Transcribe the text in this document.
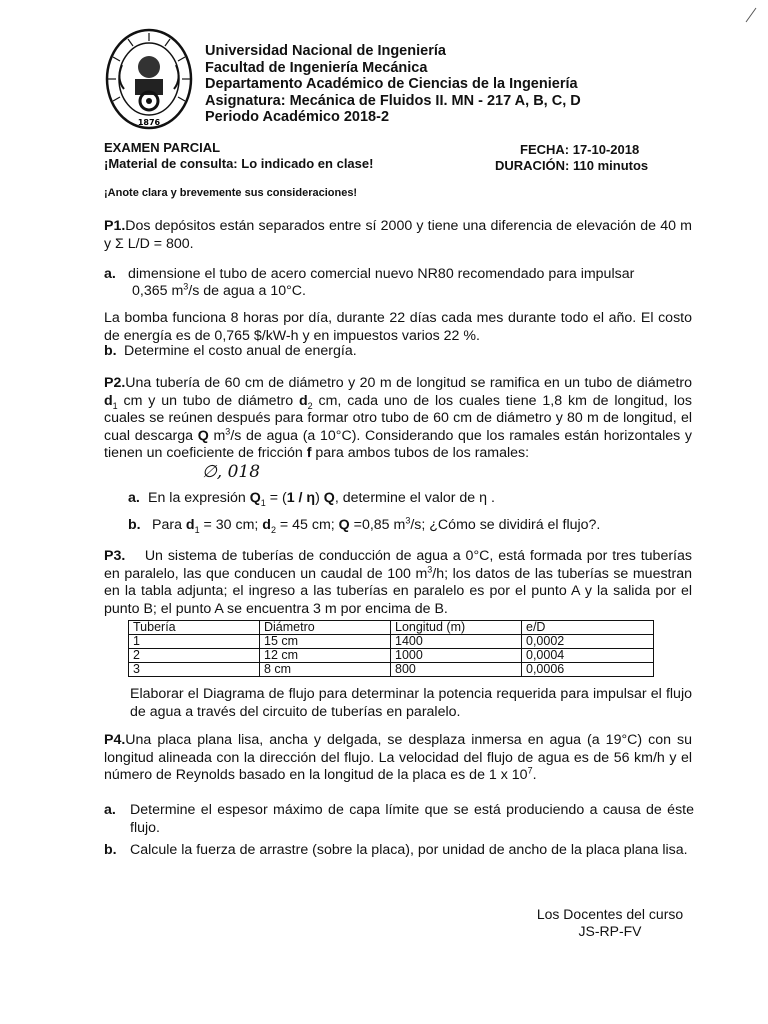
1876
Universidad Nacional de Ingeniería
Facultad de Ingeniería Mecánica
Departamento Académico de Ciencias de la Ingeniería
Asignatura: Mecánica de Fluidos II. MN - 217 A, B, C, D
Periodo Académico 2018-2
EXAMEN PARCIAL
¡Material de consulta: Lo indicado en clase!
FECHA: 17-10-2018
DURACIÓN: 110 minutos
¡Anote clara y brevemente sus consideraciones!
P1.Dos depósitos están separados entre sí 2000 y tiene una diferencia de elevación de 40 m y Σ L/D = 800.
a. dimensione el tubo de acero comercial nuevo NR80 recomendado para impulsar
0,365 $m^3/s$ de agua a 10°C.
La bomba funciona 8 horas por día, durante 22 días cada mes durante todo el año. El costo de energía es de 0,765 $/kW-h y en impuestos varios 22 %.
b. Determine el costo anual de energía.
P2.Una tubería de 60 cm de diámetro y 20 m de longitud se ramifica en un tubo de diámetro $d_1$ cm y un tubo de diámetro $d_2$ cm, cada uno de los cuales tiene 1,8 km de longitud, los cuales se reúnen después para formar otro tubo de 60 cm de diámetro y 80 m de longitud, el cual descarga Q $m^3/s$ de agua (a 10°C). Considerando que los ramales están horizontales y tienen un coeficiente de fricción f para ambos tubos de los ramales:
∅, 018
a. En la expresión $Q_1 = (1 / \eta)$ Q, determine el valor de η .
b. Para $d_1 = 30$ cm; $d_2 = 45$ cm; Q =0,85 $m^3/s$; ¿Cómo se dividirá el flujo?.
P3. Un sistema de tuberías de conducción de agua a 0°C, está formada por tres tuberías en paralelo, las que conducen un caudal de 100 $m^3/h$; los datos de las tuberías se muestran en la tabla adjunta; el ingreso a las tuberías en paralelo es por el punto A y la salida por el punto B; el punto A se encuentra 3 m por encima de B.
Tubería	Diámetro	Longitud (m)	e/D
1	15 cm	1400	0,0002
2	12 cm	1000	0,0004
3	8 cm	800	0,0006
Elaborar el Diagrama de flujo para determinar la potencia requerida para impulsar el flujo de agua a través del circuito de tuberías en paralelo.
P4.Una placa plana lisa, ancha y delgada, se desplaza inmersa en agua (a 19°C) con su longitud alineada con la dirección del flujo. La velocidad del flujo de agua es de 56 km/h y el número de Reynolds basado en la longitud de la placa es de 1 x $10^7$.
a. Determine el espesor máximo de capa límite que se está produciendo a causa de éste flujo.
b. Calcule la fuerza de arrastre (sobre la placa), por unidad de ancho de la placa plana lisa.
Los Docentes del curso
JS-RP-FV
